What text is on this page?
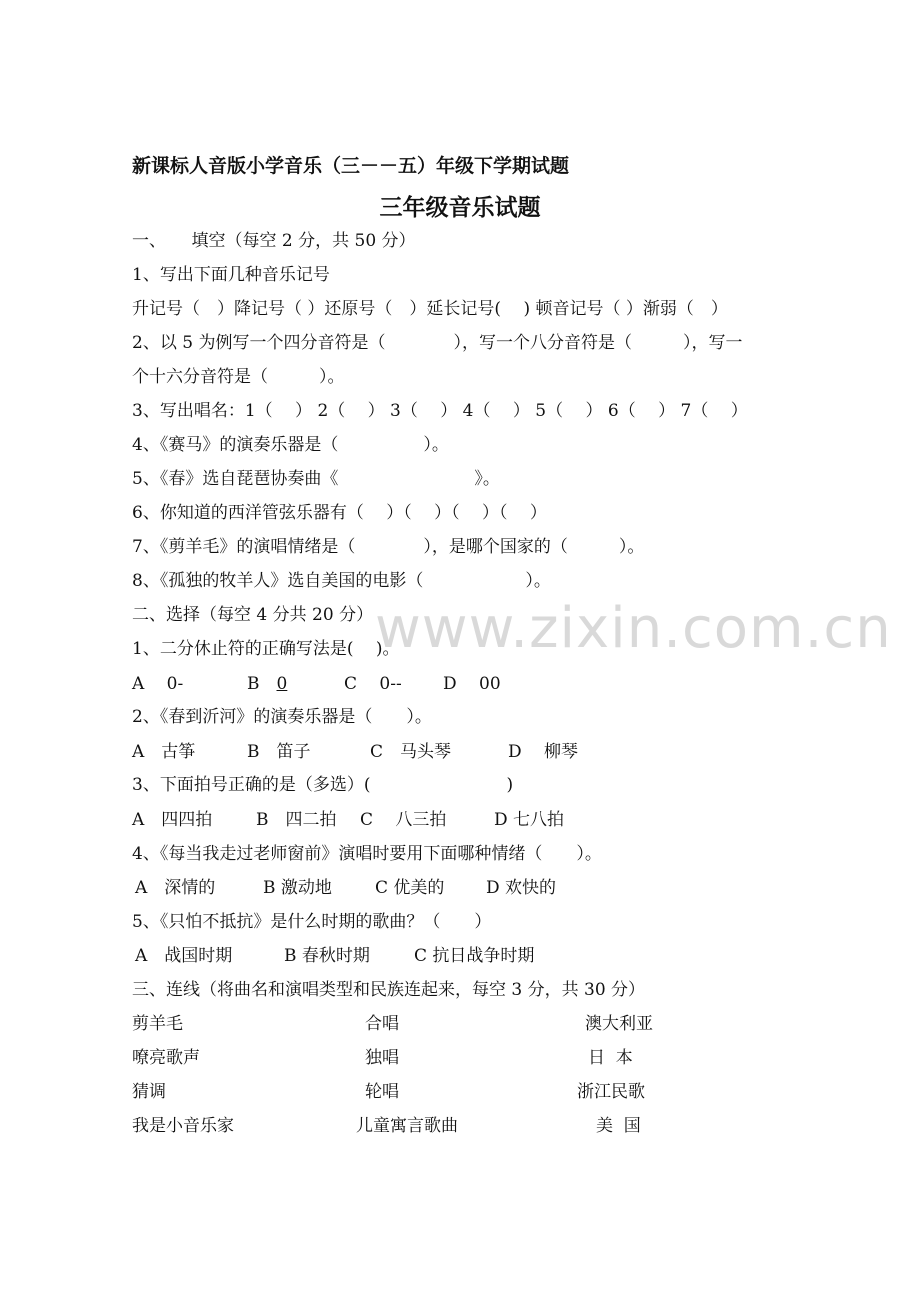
www.zixin.com.cn
新课标人音版小学音乐（三－－五）年级下学期试题
三年级音乐试题
一、　　填空（每空 2 分，共 50 分）
1、写出下面几种音乐记号
升记号（　）降记号（ ）还原号（　）延长记号(　 ) 顿音记号（ ）渐弱（　）
2、以 5 为例写一个四分音符是（　　　　），写一个八分音符是（　　　），写一
个十六分音符是（　　　）。
3、写出唱名：1（　 ） 2（　 ） 3（　 ） 4（　 ） 5（　 ） 6（　 ） 7（　 ）
4、《赛马》的演奏乐器是（　　　　　）。
5、《春》选自琵琶协奏曲《　　　　　　　　》。
6、你知道的西洋管弦乐器有（　 ）（　 ）（　 ）（　 ）
7、《剪羊毛》的演唱情绪是（　　　　），是哪个国家的（　　　）。
8、《孤独的牧羊人》选自美国的电影（　　　　　　）。
二、选择（每空 4 分共 20 分）
1、二分休止符的正确写法是(　 )。
A　 0-	B　0	C　 0-- D　 00
2、《春到沂河》的演奏乐器是（　　）。
A　古筝	B　笛子	C　马头琴	D　 柳琴
3、下面拍号正确的是（多选）(　　　　　　　　)
A　四四拍	B　四二拍 C　 八三拍	D 七八拍
4、《每当我走过老师窗前》演唱时要用下面哪种情绪（　　）。
A　深情的	B 激动地	C 优美的 D 欢快的
5、《只怕不抵抗》是什么时期的歌曲？（　　）
A　战国时期	B 春秋时期	C 抗日战争时期
三、连线（将曲名和演唱类型和民族连起来，每空 3 分，共 30 分）
剪羊毛	合唱	澳大利亚
嘹亮歌声	独唱	日  本
猜调	轮唱	浙江民歌
我是小音乐家	儿童寓言歌曲	美  国
